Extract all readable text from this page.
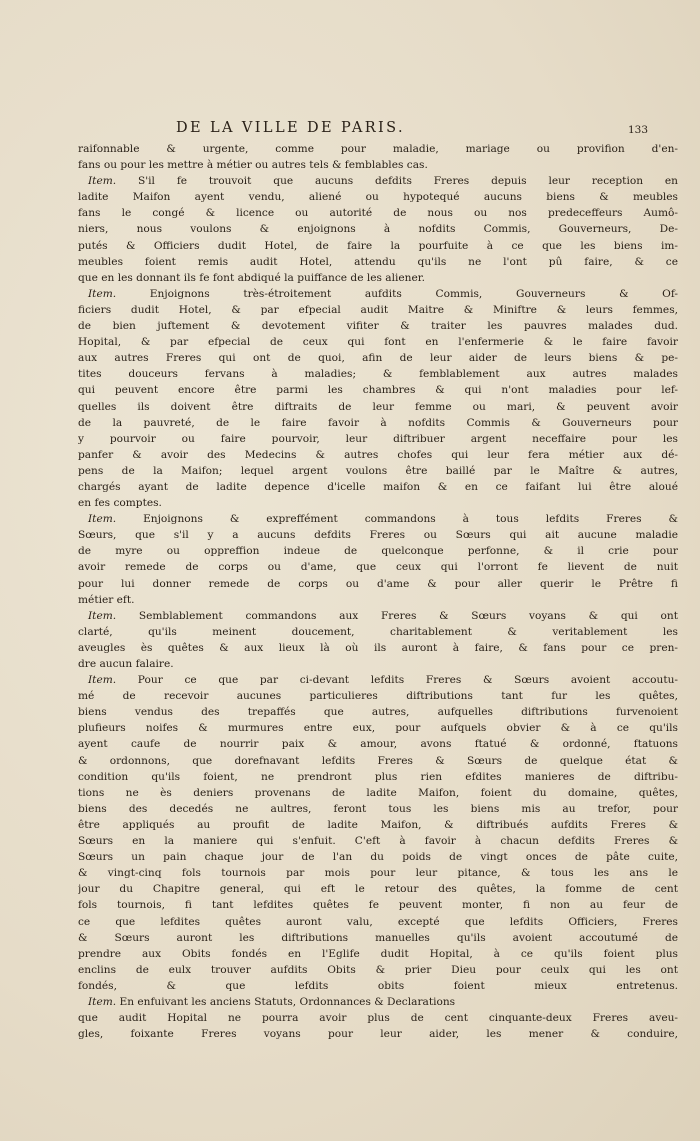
DE LA VILLE DE PARIS.	133
raifonnable & urgente, comme pour maladie, mariage ou provifion d'en-
fans ou pour les mettre à métier ou autres tels & femblables cas.
Item. S'il fe trouvoit que aucuns defdits Freres depuis leur reception en
ladite Maifon ayent vendu, aliené ou hypotequé aucuns biens & meubles
fans le congé & licence ou autorité de nous ou nos predeceffeurs Aumô-
niers, nous voulons & enjoignons à nofdits Commis, Gouverneurs, De-
putés & Officiers dudit Hotel, de faire la pourfuite à ce que les biens im-
meubles foient remis audit Hotel, attendu qu'ils ne l'ont pû faire, & ce
que en les donnant ils fe font abdiqué la puiffance de les aliener.
Item. Enjoignons très-étroitement aufdits Commis, Gouverneurs & Of-
ficiers dudit Hotel, & par efpecial audit Maitre & Miniftre & leurs femmes,
de bien juftement & devotement vifiter & traiter les pauvres malades dud.
Hopital, & par efpecial de ceux qui font en l'enfermerie & le faire favoir
aux autres Freres qui ont de quoi, afin de leur aider de leurs biens & pe-
tites douceurs fervans à maladies; & femblablement aux autres malades
qui peuvent encore être parmi les chambres & qui n'ont maladies pour lef-
quelles ils doivent être diftraits de leur femme ou mari, & peuvent avoir
de la pauvreté, de le faire favoir à nofdits Commis & Gouverneurs pour
y pourvoir ou faire pourvoir, leur diftribuer argent neceffaire pour les
panfer & avoir des Medecins & autres chofes qui leur fera métier aux dé-
pens de la Maifon; lequel argent voulons être baillé par le Maître & autres,
chargés ayant de ladite depence d'icelle maifon & en ce faifant lui être aloué
en fes comptes.
Item. Enjoignons & expreffément commandons à tous lefdits Freres &
Sœurs, que s'il y a aucuns defdits Freres ou Sœurs qui ait aucune maladie
de myre ou oppreffion indeue de quelconque perfonne, & il crie pour
avoir remede de corps ou d'ame, que ceux qui l'orront fe lievent de nuit
pour lui donner remede de corps ou d'ame & pour aller querir le Prêtre fi
métier eft.
Item. Semblablement commandons aux Freres & Sœurs voyans & qui ont
clarté, qu'ils meinent doucement, charitablement & veritablement les
aveugles ès quêtes & aux lieux là où ils auront à faire, & fans pour ce pren-
dre aucun falaire.
Item. Pour ce que par ci-devant lefdits Freres & Sœurs avoient accoutu-
mé de recevoir aucunes particulieres diftributions tant fur les quêtes,
biens vendus des trepaffés que autres, aufquelles diftributions furvenoient
plufieurs noifes & murmures entre eux, pour aufquels obvier & à ce qu'ils
ayent caufe de nourrir paix & amour, avons ftatué & ordonné, ftatuons
& ordonnons, que dorefnavant lefdits Freres & Sœurs de quelque état &
condition qu'ils foient, ne prendront plus rien efdites manieres de diftribu-
tions ne ès deniers provenans de ladite Maifon, foient du domaine, quêtes,
biens des decedés ne aultres, feront tous les biens mis au trefor, pour
être appliqués au proufit de ladite Maifon, & diftribués aufdits Freres &
Sœurs en la maniere qui s'enfuit. C'eft à favoir à chacun defdits Freres &
Sœurs un pain chaque jour de l'an du poids de vingt onces de pâte cuite,
& vingt-cinq fols tournois par mois pour leur pitance, & tous les ans le
jour du Chapitre general, qui eft le retour des quêtes, la fomme de cent
fols tournois, fi tant lefdites quêtes fe peuvent monter, fi non au feur de
ce que lefdites quêtes auront valu, excepté que lefdits Officiers, Freres
& Sœurs auront les diftributions manuelles qu'ils avoient accoutumé de
prendre aux Obits fondés en l'Eglife dudit Hopital, à ce qu'ils foient plus
enclins de eulx trouver aufdits Obits & prier Dieu pour ceulx qui les ont
fondés, & que lefdits obits foient mieux entretenus.
Item. En enfuivant les anciens Statuts, Ordonnances & Declarations
que audit Hopital ne pourra avoir plus de cent cinquante-deux Freres aveu-
gles, foixante Freres voyans pour leur aider, les mener & conduire,
